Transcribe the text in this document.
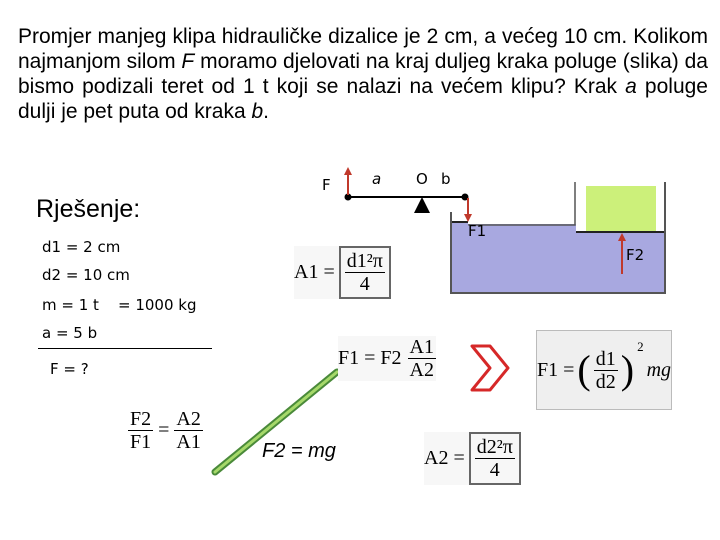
Promjer manjeg klipa hidrauličke dizalice je 2 cm, a većeg 10 cm. Kolikom najmanjom silom F moramo djelovati na kraj duljeg kraka poluge (slika) da bismo podizali teret od 1 t koji se nalazi na većem klipu? Krak a poluge dulji je pet puta od kraka b.
Rješenje:
d1 = 2 cm
d2 = 10 cm
m = 1 t = 1000 kg
a = 5 b
F = ?
F	a O b
F1
F2
$A1 = \frac{\text{d1²π}}{4}$
$F1 = F2 \frac{A1}{A2}$	F1 = ( $\frac{d1}{d2}$ )
$^2$
mg
$\frac{F2}{F1} = \frac{A2}{A1}$	F2 = mg	$A2 = \frac{\text{d2²π}}{4}$
